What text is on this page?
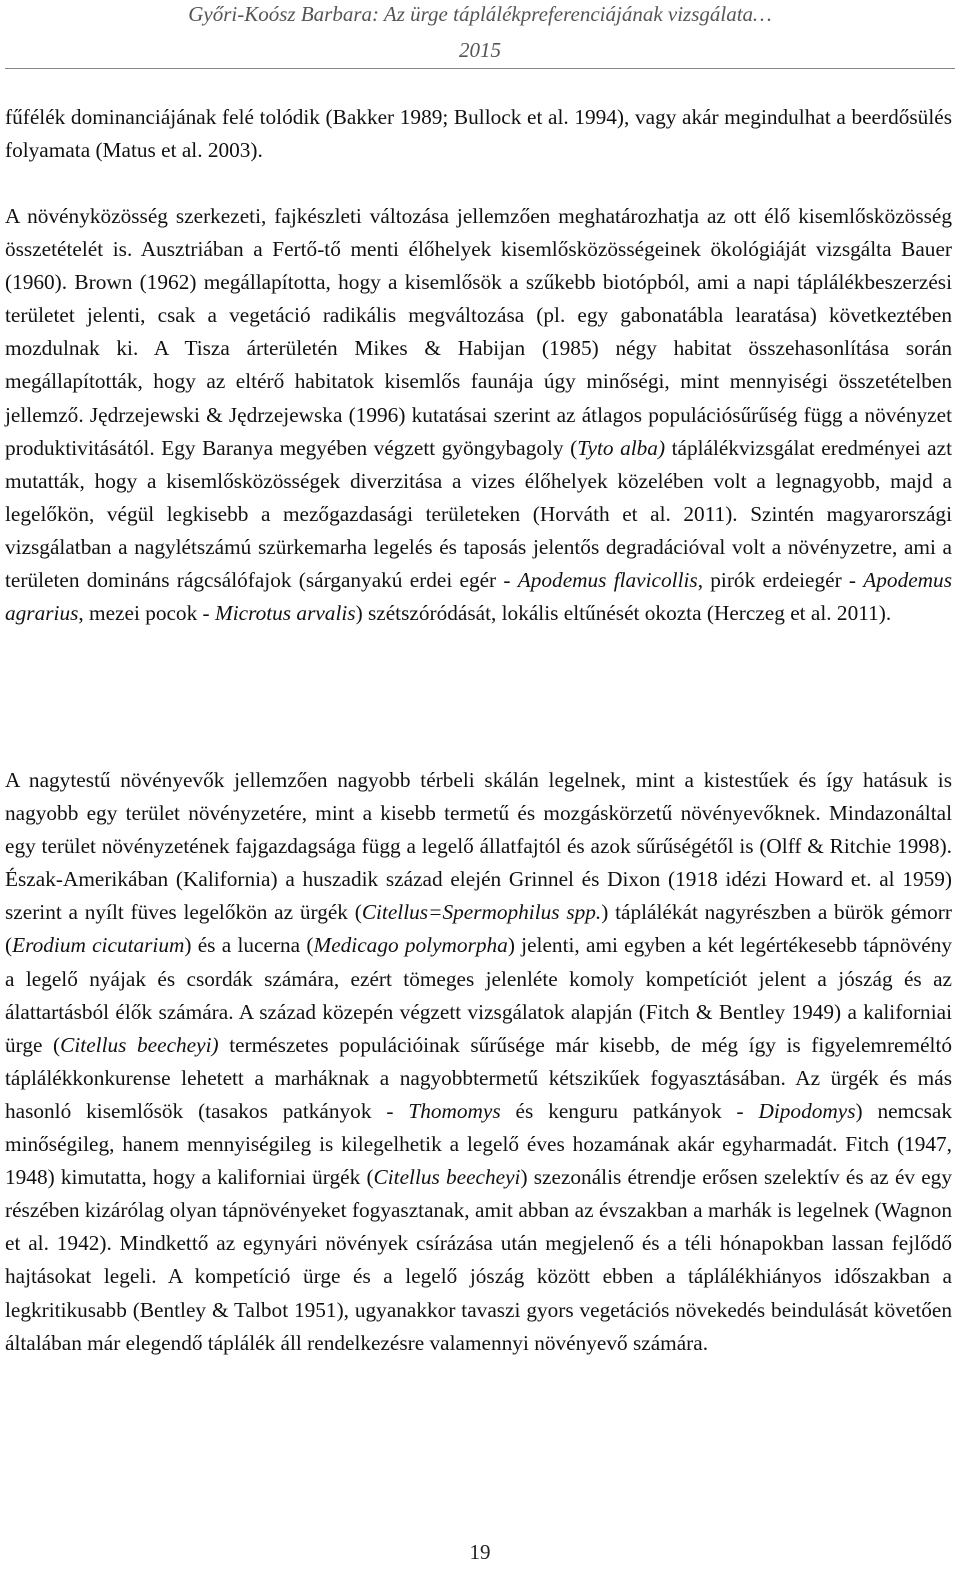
Győri-Koósz Barbara: Az ürge táplálékpreferenciájának vizsgálata…
2015

fűfélék dominanciájának felé tolódik (Bakker 1989; Bullock et al. 1994), vagy akár megindulhat a beerdősülés folyamata (Matus et al. 2003).

A növényközösség szerkezeti, fajkészleti változása jellemzően meghatározhatja az ott élő kisemlősközösség összetételét is. Ausztriában a Fertő-tő menti élőhelyek kisemlősközösségeinek ökológiáját vizsgálta Bauer (1960). Brown (1962) megállapította, hogy a kisemlősök a szűkebb biotópból, ami a napi táplálékbeszerzési területet jelenti, csak a vegetáció radikális megváltozása (pl. egy gabonatábla learatása) következtében mozdulnak ki. A Tisza árterületén Mikes & Habijan (1985) négy habitat összehasonlítása során megállapították, hogy az eltérő habitatok kisemlős faunája úgy minőségi, mint mennyiségi összetételben jellemző. Jędrzejewski & Jędrzejewska (1996) kutatásai szerint az átlagos populációsűrűség függ a növényzet produktivitásától. Egy Baranya megyében végzett gyöngybagoly (Tyto alba) táplálékvizsgálat eredményei azt mutatták, hogy a kisemlősközösségek diverzitása a vizes élőhelyek közelében volt a legnagyobb, majd a legelőkön, végül legkisebb a mezőgazdasági területeken (Horváth et al. 2011). Szintén magyarországi vizsgálatban a nagylétszámú szürkemarha legelés és taposás jelentős degradációval volt a növényzetre, ami a területen domináns rágcsálófajok (sárganyakú erdei egér - Apodemus flavicollis, pirók erdeiegér - Apodemus agrarius, mezei pocok - Microtus arvalis) szétszóródását, lokális eltűnését okozta (Herczeg et al. 2011).

A nagytestű növényevők jellemzően nagyobb térbeli skálán legelnek, mint a kistestűek és így hatásuk is nagyobb egy terület növényzetére, mint a kisebb termetű és mozgáskörzetű növényevőknek. Mindazonáltal egy terület növényzetének fajgazdagsága függ a legelő állatfajtól és azok sűrűségétől is (Olff & Ritchie 1998). Észak-Amerikában (Kalifornia) a huszadik század elején Grinnel és Dixon (1918 idézi Howard et. al 1959) szerint a nyílt füves legelőkön az ürgék (Citellus=Spermophilus spp.) táplálékát nagyrészben a bürök gémorr (Erodium cicutarium) és a lucerna (Medicago polymorpha) jelenti, ami egyben a két legértékesebb tápnövény a legelő nyájak és csordák számára, ezért tömeges jelenléte komoly kompetíciót jelent a jószág és az álattartásból élők számára. A század közepén végzett vizsgálatok alapján (Fitch & Bentley 1949) a kaliforniai ürge (Citellus beecheyi) természetes populációinak sűrűsége már kisebb, de még így is figyelemreméltó táplálékkonkurense lehetett a marháknak a nagyobbtermetű kétszikűek fogyasztásában. Az ürgék és más hasonló kisemlősök (tasakos patkányok - Thomomys és kenguru patkányok - Dipodomys) nemcsak minőségileg, hanem mennyiségileg is kilegelhetik a legelő éves hozamának akár egyharmadát. Fitch (1947, 1948) kimutatta, hogy a kaliforniai ürgék (Citellus beecheyi) szezonális étrendje erősen szelektív és az év egy részében kizárólag olyan tápnövényeket fogyasztanak, amit abban az évszakban a marhák is legelnek (Wagnon et al. 1942). Mindkettő az egynyári növények csírázása után megjelenő és a téli hónapokban lassan fejlődő hajtásokat legeli. A kompetíció ürge és a legelő jószág között ebben a táplálékhiányos időszakban a legkritikusabb (Bentley & Talbot 1951), ugyanakkor tavaszi gyors vegetációs növekedés beindulását követően általában már elegendő táplálék áll rendelkezésre valamennyi növényevő számára.

19
